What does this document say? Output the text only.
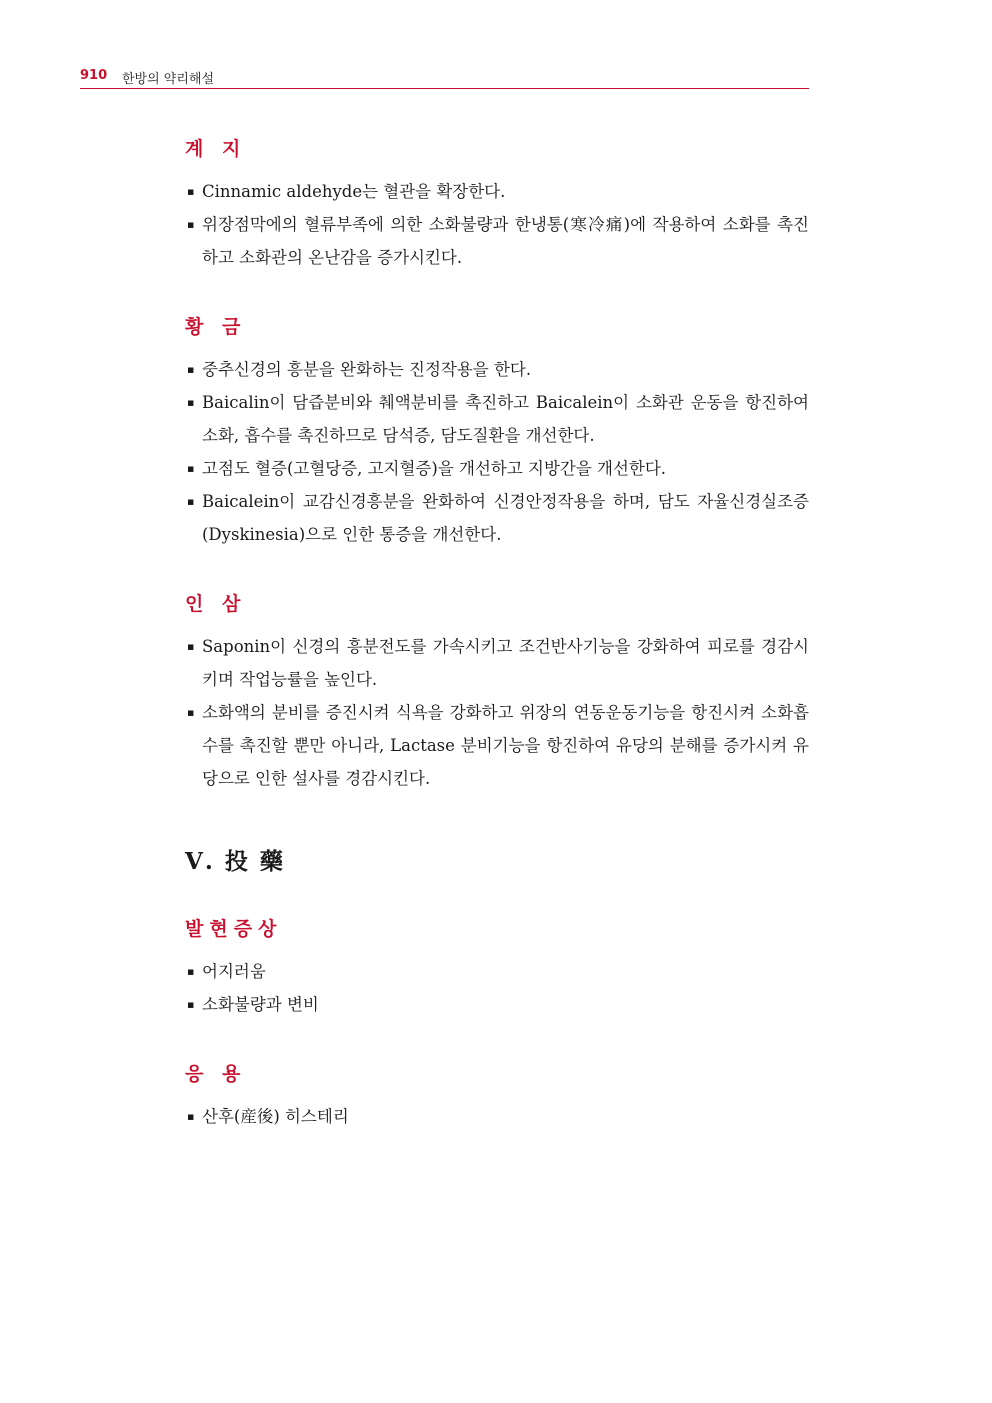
910 한방의 약리해설
계 지
▪ Cinnamic aldehyde는 혈관을 확장한다.
▪ 위장점막에의 혈류부족에 의한 소화불량과 한냉통(寒冷痛)에 작용하여 소화를 촉진하고 소화관의 온난감을 증가시킨다.
황 금
▪ 중추신경의 흥분을 완화하는 진정작용을 한다.
▪ Baicalin이 담즙분비와 췌액분비를 촉진하고 Baicalein이 소화관 운동을 항진하여 소화, 흡수를 촉진하므로 담석증, 담도질환을 개선한다.
▪ 고점도 혈증(고혈당증, 고지혈증)을 개선하고 지방간을 개선한다.
▪ Baicalein이 교감신경흥분을 완화하여 신경안정작용을 하며, 담도 자율신경실조증(Dyskinesia)으로 인한 통증을 개선한다.
인 삼
▪ Saponin이 신경의 흥분전도를 가속시키고 조건반사기능을 강화하여 피로를 경감시키며 작업능률을 높인다.
▪ 소화액의 분비를 증진시켜 식욕을 강화하고 위장의 연동운동기능을 항진시켜 소화흡수를 촉진할 뿐만 아니라, Lactase 분비기능을 항진하여 유당의 분해를 증가시켜 유당으로 인한 설사를 경감시킨다.
Ⅴ. 投 藥
발현증상
▪ 어지러움
▪ 소화불량과 변비
응 용
▪ 산후(産後) 히스테리
